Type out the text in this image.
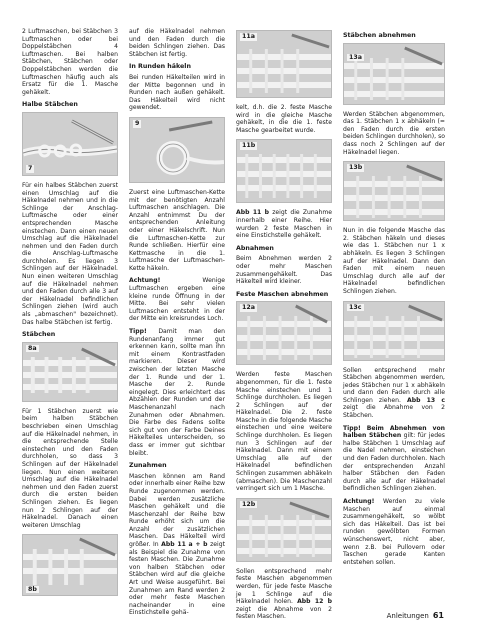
2 Luftmaschen, bei Stäbchen 3 Luftmaschen oder bei Doppelstäbchen 4 Luftmaschen. Bei halben Stäbchen, Stäbchen oder Doppelstäbchen werden die Luftmaschen häufig auch als Ersatz für die 1. Masche gehäkelt.

Halbe Stäbchen
7

Für ein halbes Stäbchen zuerst einen Umschlag auf die Häkelnadel nehmen und in die Schlinge der Anschlag-Luftmasche oder einer entsprechenden Masche einstechen. Dann einen neuen Umschlag auf die Häkelnadel nehmen und den Faden durch die Anschlag-Luftmasche durchholen. Es liegen 3 Schlingen auf der Häkelnadel. Nun einen weiteren Umschlag auf die Häkelnadel nehmen und den Faden durch alle 3 auf der Häkelnadel befindlichen Schlingen ziehen (wird auch als „abmaschen" bezeichnet). Das halbe Stäbchen ist fertig.

Stäbchen
8a

Für 1 Stäbchen zuerst wie beim halben Stäbchen beschrieben einen Umschlag auf die Häkelnadel nehmen, in die entsprechende Stelle einstechen und den Faden durchholen, so dass 3 Schlingen auf der Häkelnadel liegen. Nun einen weiteren Umschlag auf die Häkelnadel nehmen und den Faden zuerst durch die ersten beiden Schlingen ziehen. Es liegen nun 2 Schlingen auf der Häkelnadel. Danach einen weiteren Umschlag

8b

auf die Häkelnadel nehmen und den Faden durch die beiden Schlingen ziehen. Das Stäbchen ist fertig.

In Runden häkeln

Bei runden Häkelteilen wird in der Mitte begonnen und in Runden nach außen gehäkelt. Das Häkelteil wird nicht gewendet.

9

Zuerst eine Luftmaschen-Kette mit der benötigten Anzahl Luftmaschen anschlagen. Die Anzahl entnimmst Du der entsprechenden Anleitung oder einer Häkelschrift. Nun die Luftmaschen-Kette zur Runde schließen. Hierfür eine Kettmasche in die 1. Luftmasche der Luftmaschen-Kette häkeln.

Achtung! Wenige Luftmaschen ergeben eine kleine runde Öffnung in der Mitte. Bei sehr vielen Luftmaschen entsteht in der der Mitte ein kreisrundes Loch.

Tipp! Damit man den Rundenanfang immer gut erkennen kann, sollte man ihn mit einem Kontrastfaden markieren. Dieser wird zwischen der letzten Masche der 1. Runde und der 1. Masche der 2. Runde eingelegt. Dies erleichtert das Abzählen der Runden und der Maschenanzahl nach Zunahmen oder Abnahmen. Die Farbe des Fadens sollte sich gut von der Farbe Deines Häkelteiles unterscheiden, so dass er immer gut sichtbar bleibt.

Zunahmen

Maschen können am Rand oder innerhalb einer Reihe bzw Runde zugenommen werden. Dabei werden zusätzliche Maschen gehäkelt und die Maschenzahl der Reihe bzw Runde erhöht sich um die Anzahl der zusätzlichen Maschen. Das Häkelteil wird größer. In Abb 11 a + b zeigt als Beispiel die Zunahme von festen Maschen. Die Zunahme von halben Stäbchen oder Stäbchen wird auf die gleiche Art und Weise ausgeführt. Bei Zunahmen am Rand werden 2 oder mehr feste Maschen nacheinander in eine Einstichstelle gehä-

11a

kelt, d.h. die 2. feste Masche wird in die gleiche Masche gehäkelt, in die die 1. feste Masche gearbeitet wurde.

11b

Abb 11 b zeigt die Zunahme innerhalb einer Reihe. Hier wurden 2 feste Maschen in eine Einstichstelle gehäkelt.

Abnahmen

Beim Abnehmen werden 2 oder mehr Maschen zusammengehäkelt. Das Häkelteil wird kleiner.

Feste Maschen abnehmen
12a

Werden feste Maschen abgenommen, für die 1. feste Masche einstechen und 1 Schlinge durchholen. Es liegen 2 Schlingen auf der Häkelnadel. Die 2. feste Masche in die folgende Masche einstechen und eine weitere Schlinge durchholen. Es liegen nun 3 Schlingen auf der Häkelnadel. Dann mit einem Umschlag alle auf der Häkelnadel befindlichen Schlingen zusammen abhäkeln (abmaschen). Die Maschenzahl verringert sich um 1 Masche.

12b

Sollen entsprechend mehr feste Maschen abgenommen werden, für jede feste Masche je 1 Schlinge auf die Häkelnadel holen. Abb 12 b zeigt die Abnahme von 2 festen Maschen.

Stäbchen abnehmen
13a

Werden Stäbchen abgenommen, das 1. Stäbchen 1 x abhäkeln (= den Faden durch die ersten beiden Schlingen durchholen), so dass noch 2 Schlingen auf der Häkelnadel liegen.

13b

Nun in die folgende Masche das 2. Stäbchen häkeln und dieses wie das 1. Stäbchen nur 1 x abhäkeln. Es liegen 3 Schlingen auf der Häkelnadel. Dann den Faden mit einem neuen Umschlag durch alle auf der Häkelnadel befindlichen Schlingen ziehen.

13c

Sollen entsprechend mehr Stäbchen abgenommen werden, jedes Stäbchen nur 1 x abhäkeln und dann den Faden durch alle Schlingen ziehen. Abb 13 c zeigt die Abnahme von 2 Stäbchen.

Tipp! Beim Abnehmen von halben Stäbchen gilt: für jedes halbe Stäbchen 1 Umschlag auf die Nadel nehmen, einstechen und den Faden durchholen. Nach der entsprechenden Anzahl halber Stäbchen den Faden durch alle auf der Häkelnadel befindlichen Schlingen ziehen.

Achtung! Werden zu viele Maschen auf einmal zusammengehäkelt, so wölbt sich das Häkelteil. Das ist bei runden gewölbten Formen wünschenswert, nicht aber, wenn z.B. bei Pullovern oder Taschen gerade Kanten entstehen sollen.

Anleitungen 61
